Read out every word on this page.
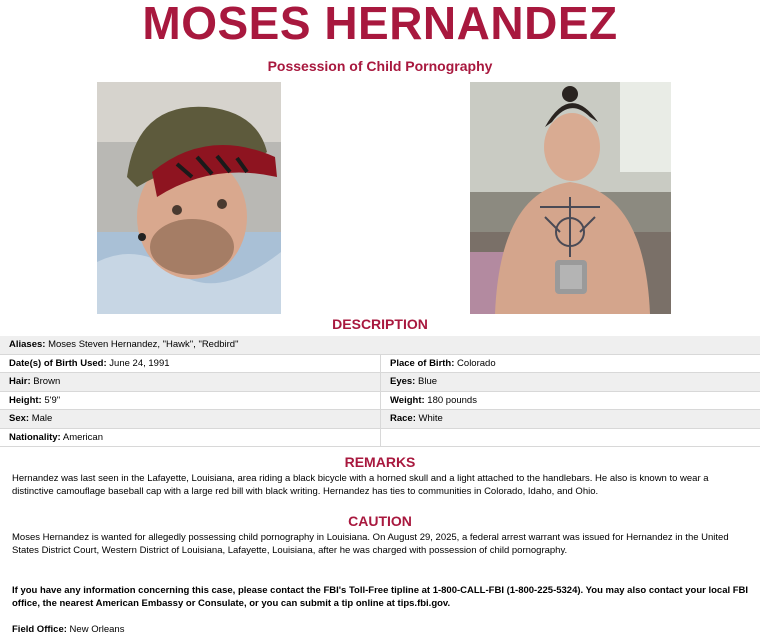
MOSES HERNANDEZ
Possession of Child Pornography
DESCRIPTION
Aliases: Moses Steven Hernandez, "Hawk", "Redbird"
Date(s) of Birth Used: June 24, 1991	Place of Birth: Colorado
Hair: Brown	Eyes: Blue
Height: 5'9"	Weight: 180 pounds
Sex: Male	Race: White
Nationality: American
REMARKS
Hernandez was last seen in the Lafayette, Louisiana, area riding a black bicycle with a horned skull and a light attached to the handlebars. He also is known to wear a distinctive camouflage baseball cap with a large red bill with black writing. Hernandez has ties to communities in Colorado, Idaho, and Ohio.
CAUTION
Moses Hernandez is wanted for allegedly possessing child pornography in Louisiana. On August 29, 2025, a federal arrest warrant was issued for Hernandez in the United States District Court, Western District of Louisiana, Lafayette, Louisiana, after he was charged with possession of child pornography.
If you have any information concerning this case, please contact the FBI's Toll-Free tipline at 1-800-CALL-FBI (1-800-225-5324). You may also contact your local FBI office, the nearest American Embassy or Consulate, or you can submit a tip online at tips.fbi.gov.
Field Office: New Orleans
